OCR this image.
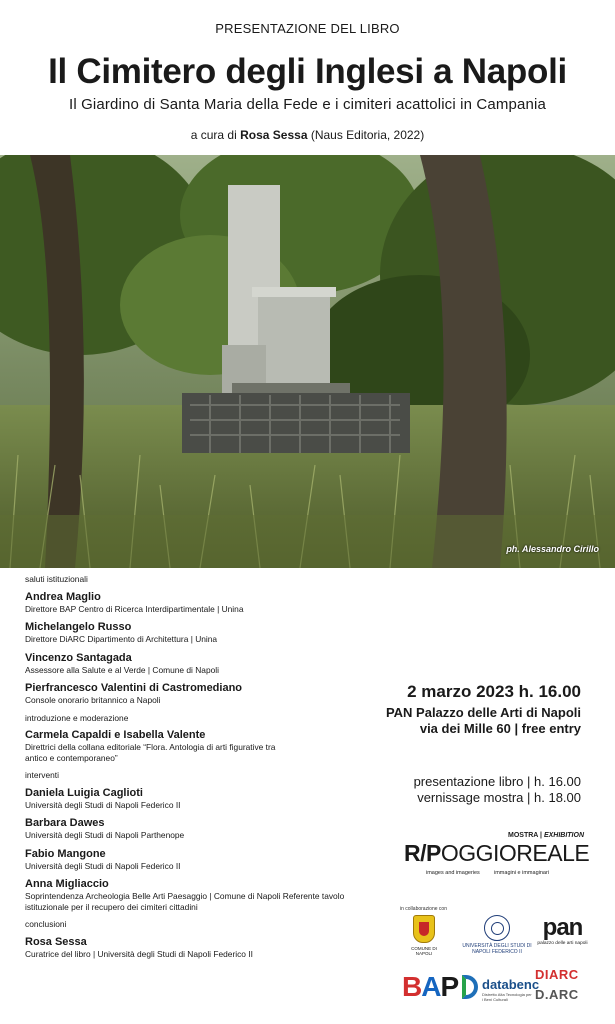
PRESENTAZIONE DEL LIBRO
Il Cimitero degli Inglesi a Napoli
Il Giardino di Santa Maria della Fede e i cimiteri acattolici in Campania
a cura di Rosa Sessa (Naus Editoria, 2022)
ph. Alessandro Cirillo
saluti istituzionali
Andrea Maglio
Direttore BAP Centro di Ricerca Interdipartimentale | Unina
Michelangelo Russo
Direttore DiARC Dipartimento di Architettura | Unina
Vincenzo Santagada
Assessore alla Salute e al Verde | Comune di Napoli
Pierfrancesco Valentini di Castromediano
Console onorario britannico a Napoli
introduzione e moderazione
Carmela Capaldi e Isabella Valente
Direttrici della collana editoriale “Flora. Antologia di arti figurative tra antico e contemporaneo”
interventi
Daniela Luigia Caglioti
Università degli Studi di Napoli Federico II
Barbara Dawes
Università degli Studi di Napoli Parthenope
Fabio Mangone
Università degli Studi di Napoli Federico II
Anna Migliaccio
Soprintendenza Archeologia Belle Arti Paesaggio | Comune di Napoli Referente tavolo istituzionale per il recupero dei cimiteri cittadini
conclusioni
Rosa Sessa
Curatrice del libro | Università degli Studi di Napoli Federico II
2 marzo 2023 h. 16.00
PAN Palazzo delle Arti di Napoli
via dei Mille 60 | free entry
presentazione libro | h. 16.00
vernissage mostra | h. 18.00
MOSTRA | EXHIBITION
R/POGGIOREALE
images and imageries	immagini e immaginari
in collaborazione con
COMUNE DI NAPOLI
UNIVERSITÀ DEGLI STUDI DI NAPOLI FEDERICO II
pan
palazzo delle arti napoli
BAP databenc
Distretto Alta Tecnologia per i Beni Culturali
DIARC
D.ARC
